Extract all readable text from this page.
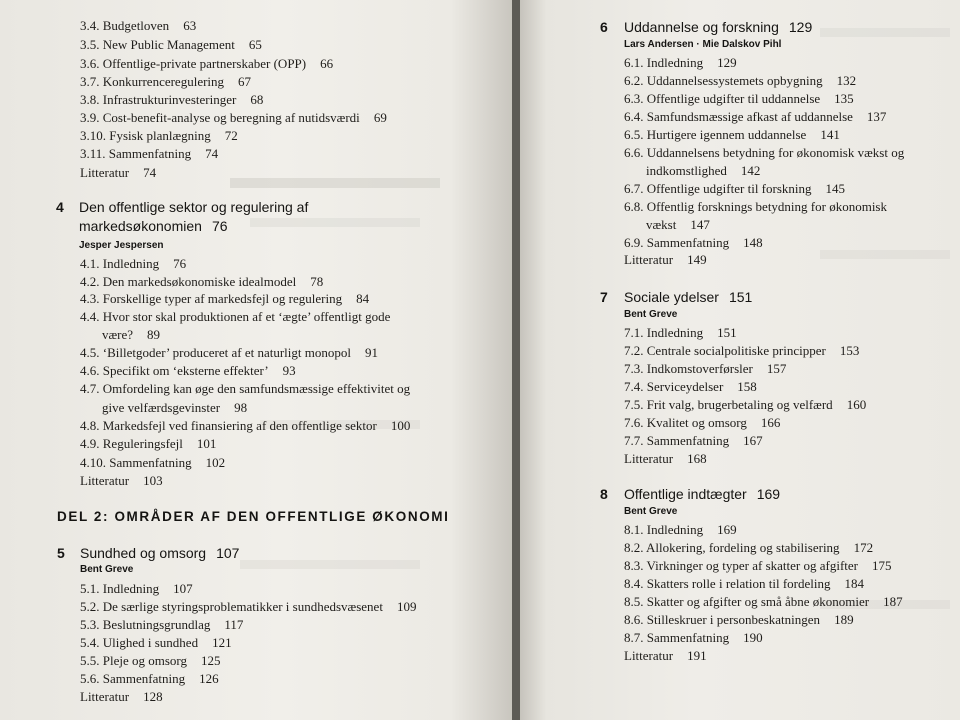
3.4. Budgetloven 63
3.5. New Public Management 65
3.6. Offentlige-private partnerskaber (OPP) 66
3.7. Konkurrenceregulering 67
3.8. Infrastrukturinvesteringer 68
3.9. Cost-benefit-analyse og beregning af nutidsværdi 69
3.10. Fysisk planlægning 72
3.11. Sammenfatning 74
Litteratur 74
4 Den offentlige sektor og regulering af
markedsøkonomien 76
Jesper Jespersen
4.1. Indledning 76
4.2. Den markedsøkonomiske idealmodel 78
4.3. Forskellige typer af markedsfejl og regulering 84
4.4. Hvor stor skal produktionen af et ‘ægte’ offentligt gode
være? 89
4.5. ‘Billetgoder’ produceret af et naturligt monopol 91
4.6. Specifikt om ‘eksterne effekter’ 93
4.7. Omfordeling kan øge den samfundsmæssige effektivitet og
give velfærdsgevinster 98
4.8. Markedsfejl ved finansiering af den offentlige sektor 100
4.9. Reguleringsfejl 101
4.10. Sammenfatning 102
Litteratur 103
DEL 2: OMRÅDER AF DEN OFFENTLIGE ØKONOMI
5 Sundhed og omsorg 107
Bent Greve
5.1. Indledning 107
5.2. De særlige styringsproblematikker i sundhedsvæsenet 109
5.3. Beslutningsgrundlag 117
5.4. Ulighed i sundhed 121
5.5. Pleje og omsorg 125
5.6. Sammenfatning 126
Litteratur 128
6 Uddannelse og forskning 129
Lars Andersen · Mie Dalskov Pihl
6.1. Indledning 129
6.2. Uddannelsessystemets opbygning 132
6.3. Offentlige udgifter til uddannelse 135
6.4. Samfundsmæssige afkast af uddannelse 137
6.5. Hurtigere igennem uddannelse 141
6.6. Uddannelsens betydning for økonomisk vækst og
indkomstlighed 142
6.7. Offentlige udgifter til forskning 145
6.8. Offentlig forsknings betydning for økonomisk
vækst 147
6.9. Sammenfatning 148
Litteratur 149
7 Sociale ydelser 151
Bent Greve
7.1. Indledning 151
7.2. Centrale socialpolitiske principper 153
7.3. Indkomstoverførsler 157
7.4. Serviceydelser 158
7.5. Frit valg, brugerbetaling og velfærd 160
7.6. Kvalitet og omsorg 166
7.7. Sammenfatning 167
Litteratur 168
8 Offentlige indtægter 169
Bent Greve
8.1. Indledning 169
8.2. Allokering, fordeling og stabilisering 172
8.3. Virkninger og typer af skatter og afgifter 175
8.4. Skatters rolle i relation til fordeling 184
8.5. Skatter og afgifter og små åbne økonomier 187
8.6. Stilleskruer i personbeskatningen 189
8.7. Sammenfatning 190
Litteratur 191
